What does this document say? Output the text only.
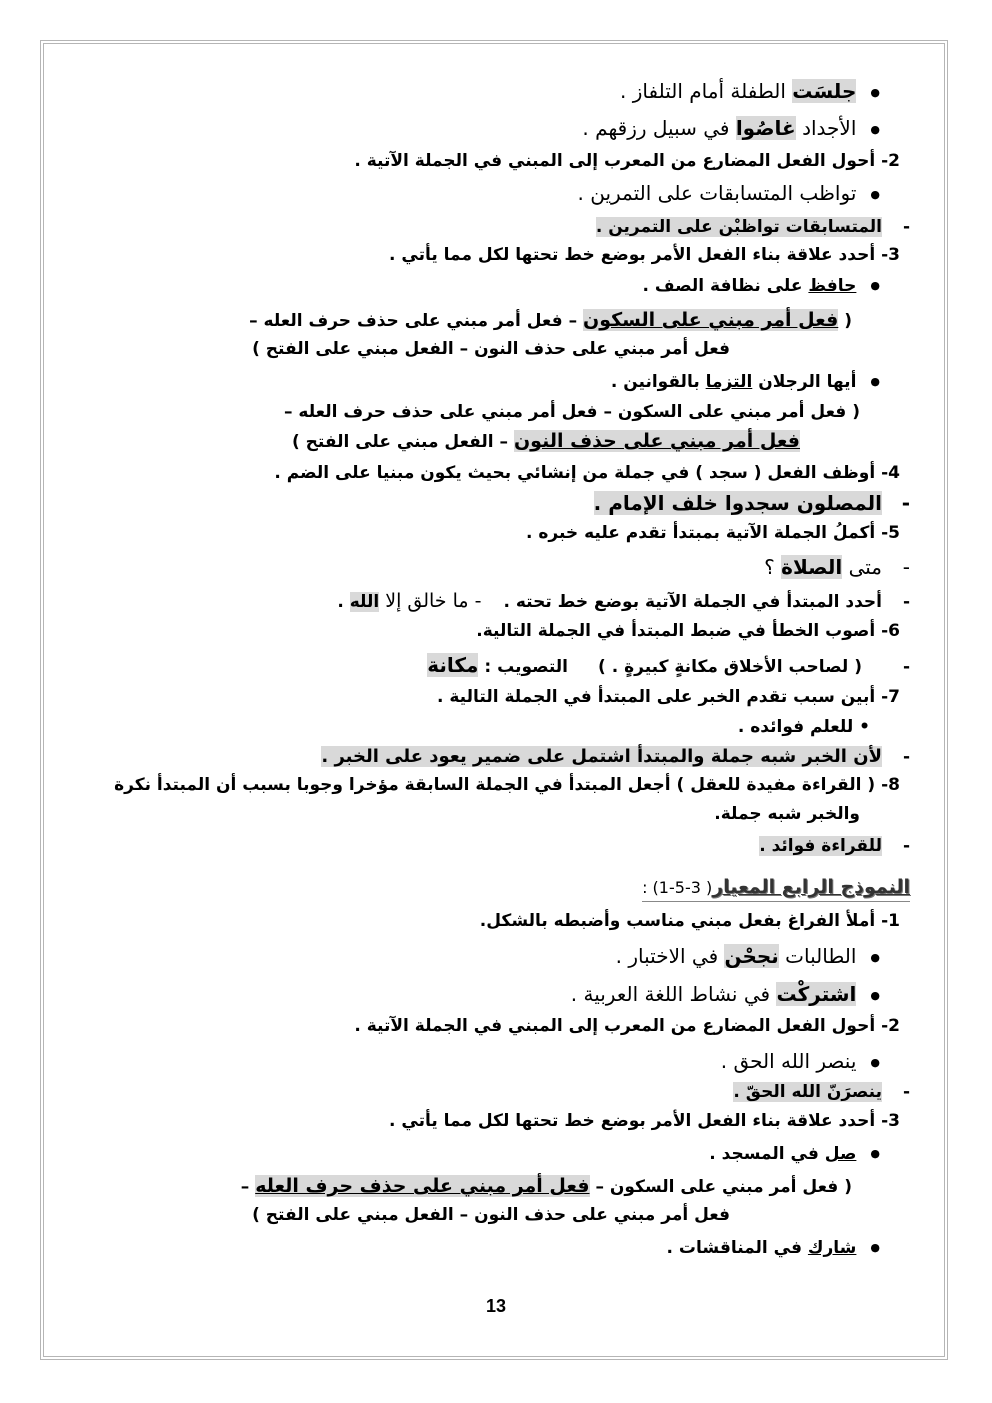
● جلسَت الطفلة أمام التلفاز .
● الأجداد غاصُوا في سبيل رزقهم .
2- أحول الفعل المضارع من المعرب إلى المبني في الجملة الآتية .
● تواظب المتسابقات على التمرين .
-المتسابقات تواظبْن على التمرين .
3- أحدد علاقة بناء الفعل الأمر بوضع خط تحتها لكل مما يأتي .
● حافظ على نظافة الصف .
( فعل أمر مبني على السكون – فعل أمر مبني على حذف حرف العله –
فعل أمر مبني على حذف النون – الفعل مبني على الفتح )
● أيها الرجلان التزما بالقوانين .
( فعل أمر مبني على السكون – فعل أمر مبني على حذف حرف العله –
فعل أمر مبني على حذف النون – الفعل مبني على الفتح )
4- أوظف الفعل ( سجد ) في جملة من إنشائي بحيث يكون مبنيا على الضم .
-المصلون سجدوا خلف الإمام .
5- أكملُ الجملة الآتية بمبتدأ تقدم عليه خبره .
-متى الصلاة ؟
-أحدد المبتدأ في الجملة الآتية بوضع خط تحته .- ما خالق إلا الله .
6- أصوب الخطأ في ضبط المبتدأ في الجملة التالية.
-( لصاحب الأخلاق مكانةٍ كبيرةٍ . )التصويب : مكانة
7- أبين سبب تقدم الخبر على المبتدأ في الجملة التالية .
• للعلم فوائده .
-لأن الخبر شبه جملة والمبتدأ اشتمل على ضمير يعود على الخبر .
8- ( القراءة مفيدة للعقل ) أجعل المبتدأ في الجملة السابقة مؤخرا وجوبا بسبب أن المبتدأ نكرة
والخبر شبه جملة.
-للقراءة فوائد .
النموذج الرابع المعيار( 3-5-1) :
1- أملأ الفراغ بفعل مبني مناسب وأضبطه بالشكل.
● الطالبات نجحْن في الاختبار .
● اشتركْت في نشاط اللغة العربية .
2- أحول الفعل المضارع من المعرب إلى المبني في الجملة الآتية .
● ينصر الله الحق .
-ينصرَنّ الله الحقّ .
3- أحدد علاقة بناء الفعل الأمر بوضع خط تحتها لكل مما يأتي .
● صل في المسجد .
( فعل أمر مبني على السكون – فعل أمر مبني على حذف حرف العله –
فعل أمر مبني على حذف النون – الفعل مبني على الفتح )
● شارك في المناقشات .
13
